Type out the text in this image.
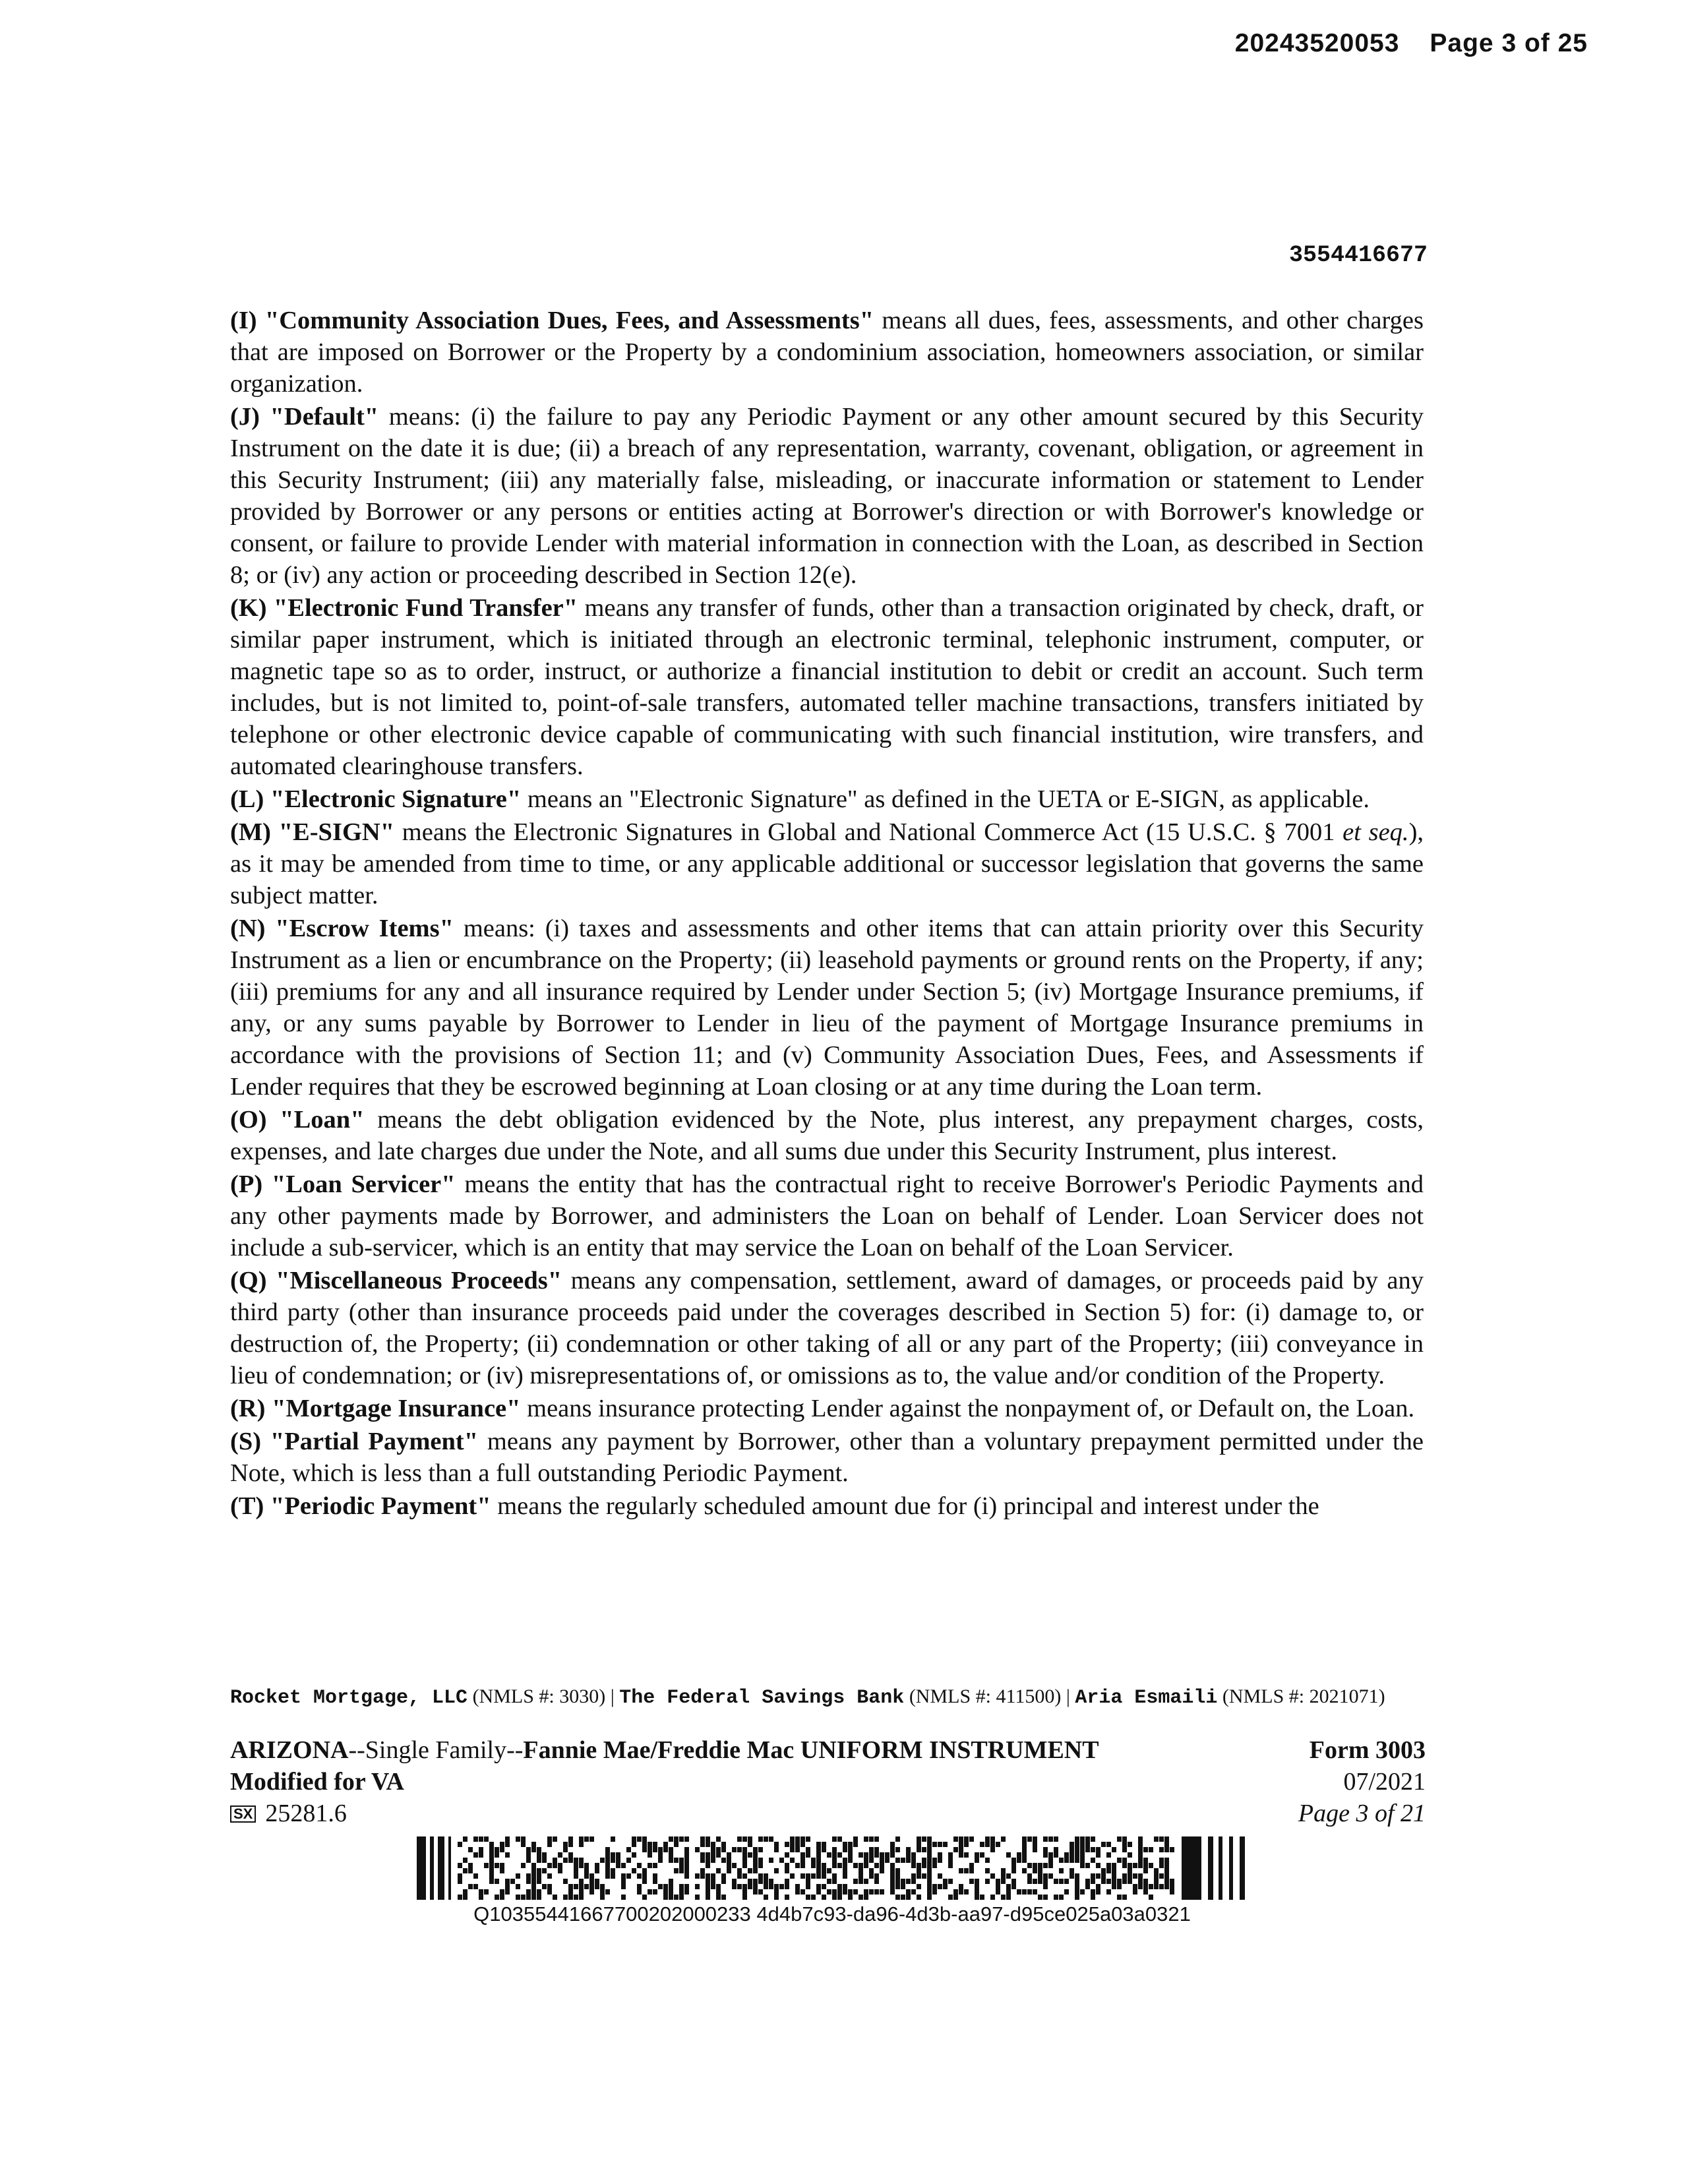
20243520053 Page 3 of 25
3554416677

(I) "Community Association Dues, Fees, and Assessments" means all dues, fees, assessments, and other charges that are imposed on Borrower or the Property by a condominium association, homeowners association, or similar organization.

(J) "Default" means: (i) the failure to pay any Periodic Payment or any other amount secured by this Security Instrument on the date it is due; (ii) a breach of any representation, warranty, covenant, obligation, or agreement in this Security Instrument; (iii) any materially false, misleading, or inaccurate information or statement to Lender provided by Borrower or any persons or entities acting at Borrower's direction or with Borrower's knowledge or consent, or failure to provide Lender with material information in connection with the Loan, as described in Section 8; or (iv) any action or proceeding described in Section 12(e).

(K) "Electronic Fund Transfer" means any transfer of funds, other than a transaction originated by check, draft, or similar paper instrument, which is initiated through an electronic terminal, telephonic instrument, computer, or magnetic tape so as to order, instruct, or authorize a financial institution to debit or credit an account. Such term includes, but is not limited to, point-of-sale transfers, automated teller machine transactions, transfers initiated by telephone or other electronic device capable of communicating with such financial institution, wire transfers, and automated clearinghouse transfers.

(L) "Electronic Signature" means an "Electronic Signature" as defined in the UETA or E-SIGN, as applicable.

(M) "E-SIGN" means the Electronic Signatures in Global and National Commerce Act (15 U.S.C. § 7001 et seq.), as it may be amended from time to time, or any applicable additional or successor legislation that governs the same subject matter.

(N) "Escrow Items" means: (i) taxes and assessments and other items that can attain priority over this Security Instrument as a lien or encumbrance on the Property; (ii) leasehold payments or ground rents on the Property, if any; (iii) premiums for any and all insurance required by Lender under Section 5; (iv) Mortgage Insurance premiums, if any, or any sums payable by Borrower to Lender in lieu of the payment of Mortgage Insurance premiums in accordance with the provisions of Section 11; and (v) Community Association Dues, Fees, and Assessments if Lender requires that they be escrowed beginning at Loan closing or at any time during the Loan term.

(O) "Loan" means the debt obligation evidenced by the Note, plus interest, any prepayment charges, costs, expenses, and late charges due under the Note, and all sums due under this Security Instrument, plus interest.

(P) "Loan Servicer" means the entity that has the contractual right to receive Borrower's Periodic Payments and any other payments made by Borrower, and administers the Loan on behalf of Lender. Loan Servicer does not include a sub-servicer, which is an entity that may service the Loan on behalf of the Loan Servicer.

(Q) "Miscellaneous Proceeds" means any compensation, settlement, award of damages, or proceeds paid by any third party (other than insurance proceeds paid under the coverages described in Section 5) for: (i) damage to, or destruction of, the Property; (ii) condemnation or other taking of all or any part of the Property; (iii) conveyance in lieu of condemnation; or (iv) misrepresentations of, or omissions as to, the value and/or condition of the Property.

(R) "Mortgage Insurance" means insurance protecting Lender against the nonpayment of, or Default on, the Loan.

(S) "Partial Payment" means any payment by Borrower, other than a voluntary prepayment permitted under the Note, which is less than a full outstanding Periodic Payment.

(T) "Periodic Payment" means the regularly scheduled amount due for (i) principal and interest under the

Rocket Mortgage, LLC (NMLS #: 3030) | The Federal Savings Bank (NMLS #: 411500) | Aria Esmaili (NMLS #: 2021071)
ARIZONA--Single Family--Fannie Mae/Freddie Mac UNIFORM INSTRUMENT
Modified for VA
SX 25281.6
Form 3003
07/2021
Page 3 of 21
Q10355441667700202000233 4d4b7c93-da96-4d3b-aa97-d95ce025a03a0321
